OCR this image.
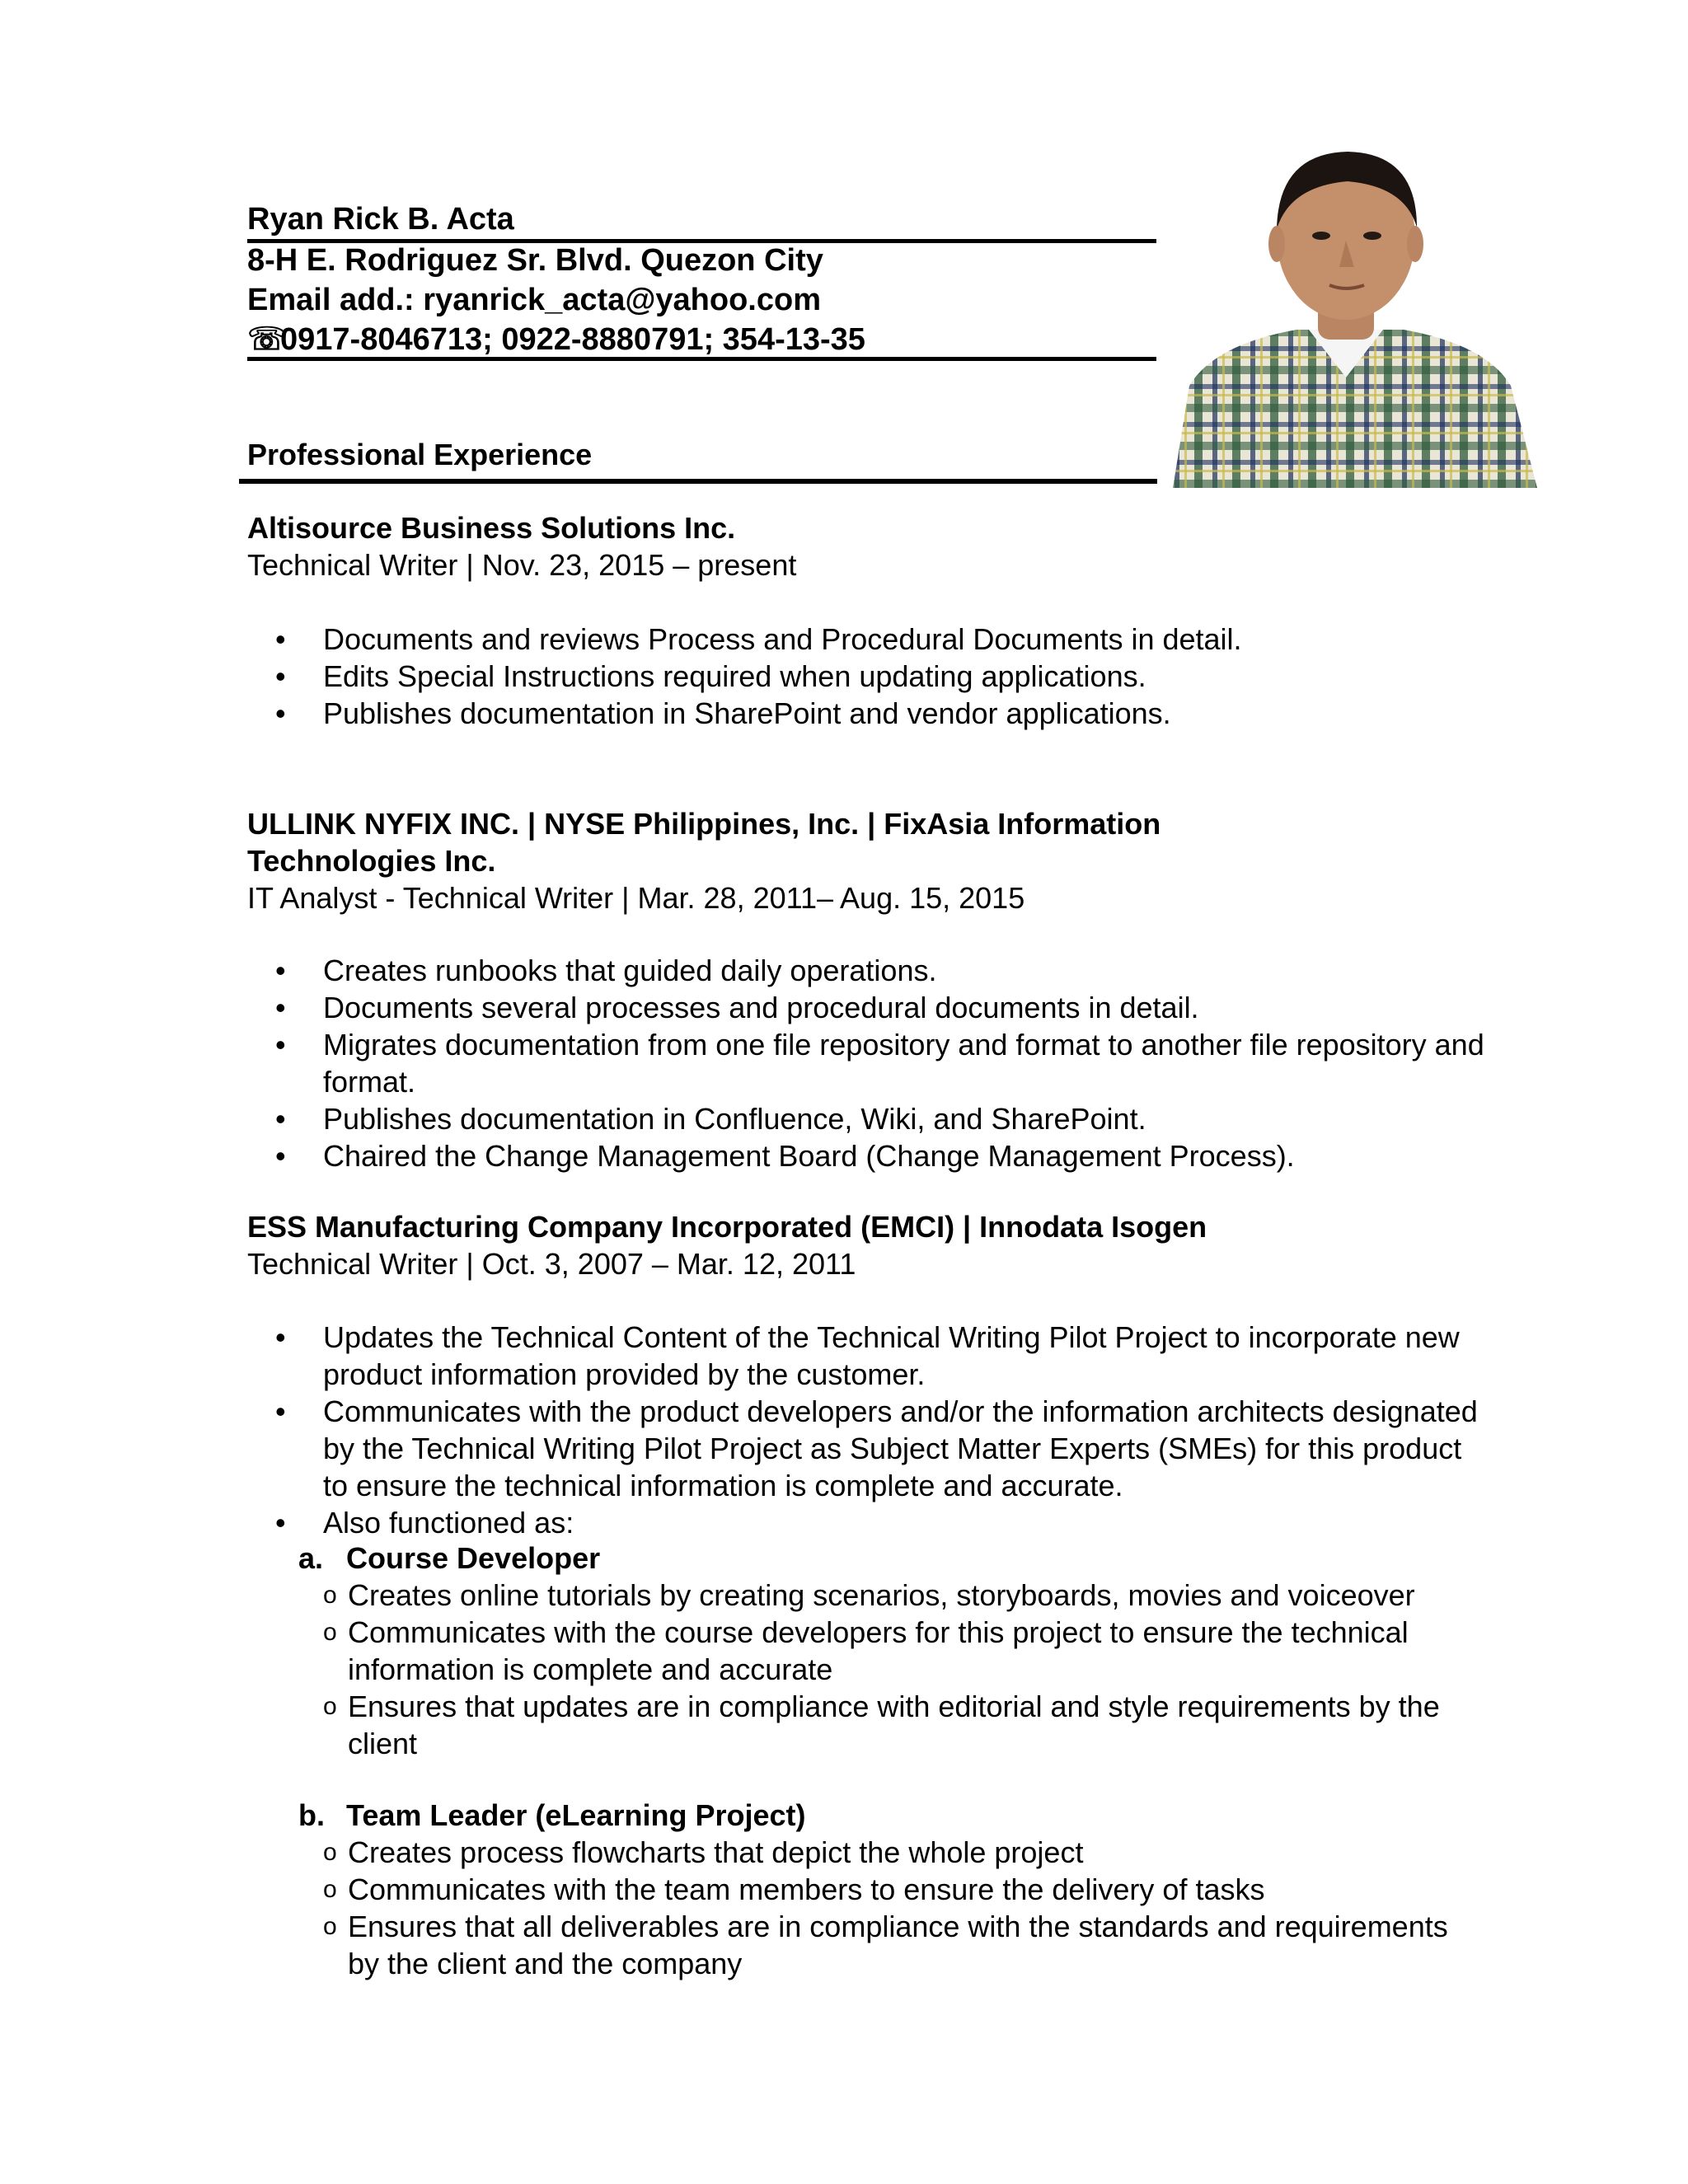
Ryan Rick B. Acta
8-H E. Rodriguez Sr. Blvd. Quezon City
Email add.: ryanrick_acta@yahoo.com
☏0917-8046713; 0922-8880791; 354-13-35
Professional Experience
Altisource Business Solutions Inc.
Technical Writer | Nov. 23, 2015 – present
• Documents and reviews Process and Procedural Documents in detail.
• Edits Special Instructions required when updating applications.
• Publishes documentation in SharePoint and vendor applications.
ULLINK NYFIX INC. | NYSE Philippines, Inc. | FixAsia Information
Technologies Inc.
IT Analyst - Technical Writer | Mar. 28, 2011– Aug. 15, 2015
• Creates runbooks that guided daily operations.
• Documents several processes and procedural documents in detail.
• Migrates documentation from one file repository and format to another file repository and format.
• Publishes documentation in Confluence, Wiki, and SharePoint.
• Chaired the Change Management Board (Change Management Process).
ESS Manufacturing Company Incorporated (EMCI) | Innodata Isogen
Technical Writer | Oct. 3, 2007 – Mar. 12, 2011
• Updates the Technical Content of the Technical Writing Pilot Project to incorporate new product information provided by the customer.
• Communicates with the product developers and/or the information architects designated by the Technical Writing Pilot Project as Subject Matter Experts (SMEs) for this product to ensure the technical information is complete and accurate.
• Also functioned as:
a. Course Developer
o Creates online tutorials by creating scenarios, storyboards, movies and voiceover
o Communicates with the course developers for this project to ensure the technical information is complete and accurate
o Ensures that updates are in compliance with editorial and style requirements by the client
b. Team Leader (eLearning Project)
o Creates process flowcharts that depict the whole project
o Communicates with the team members to ensure the delivery of tasks
o Ensures that all deliverables are in compliance with the standards and requirements by the client and the company
